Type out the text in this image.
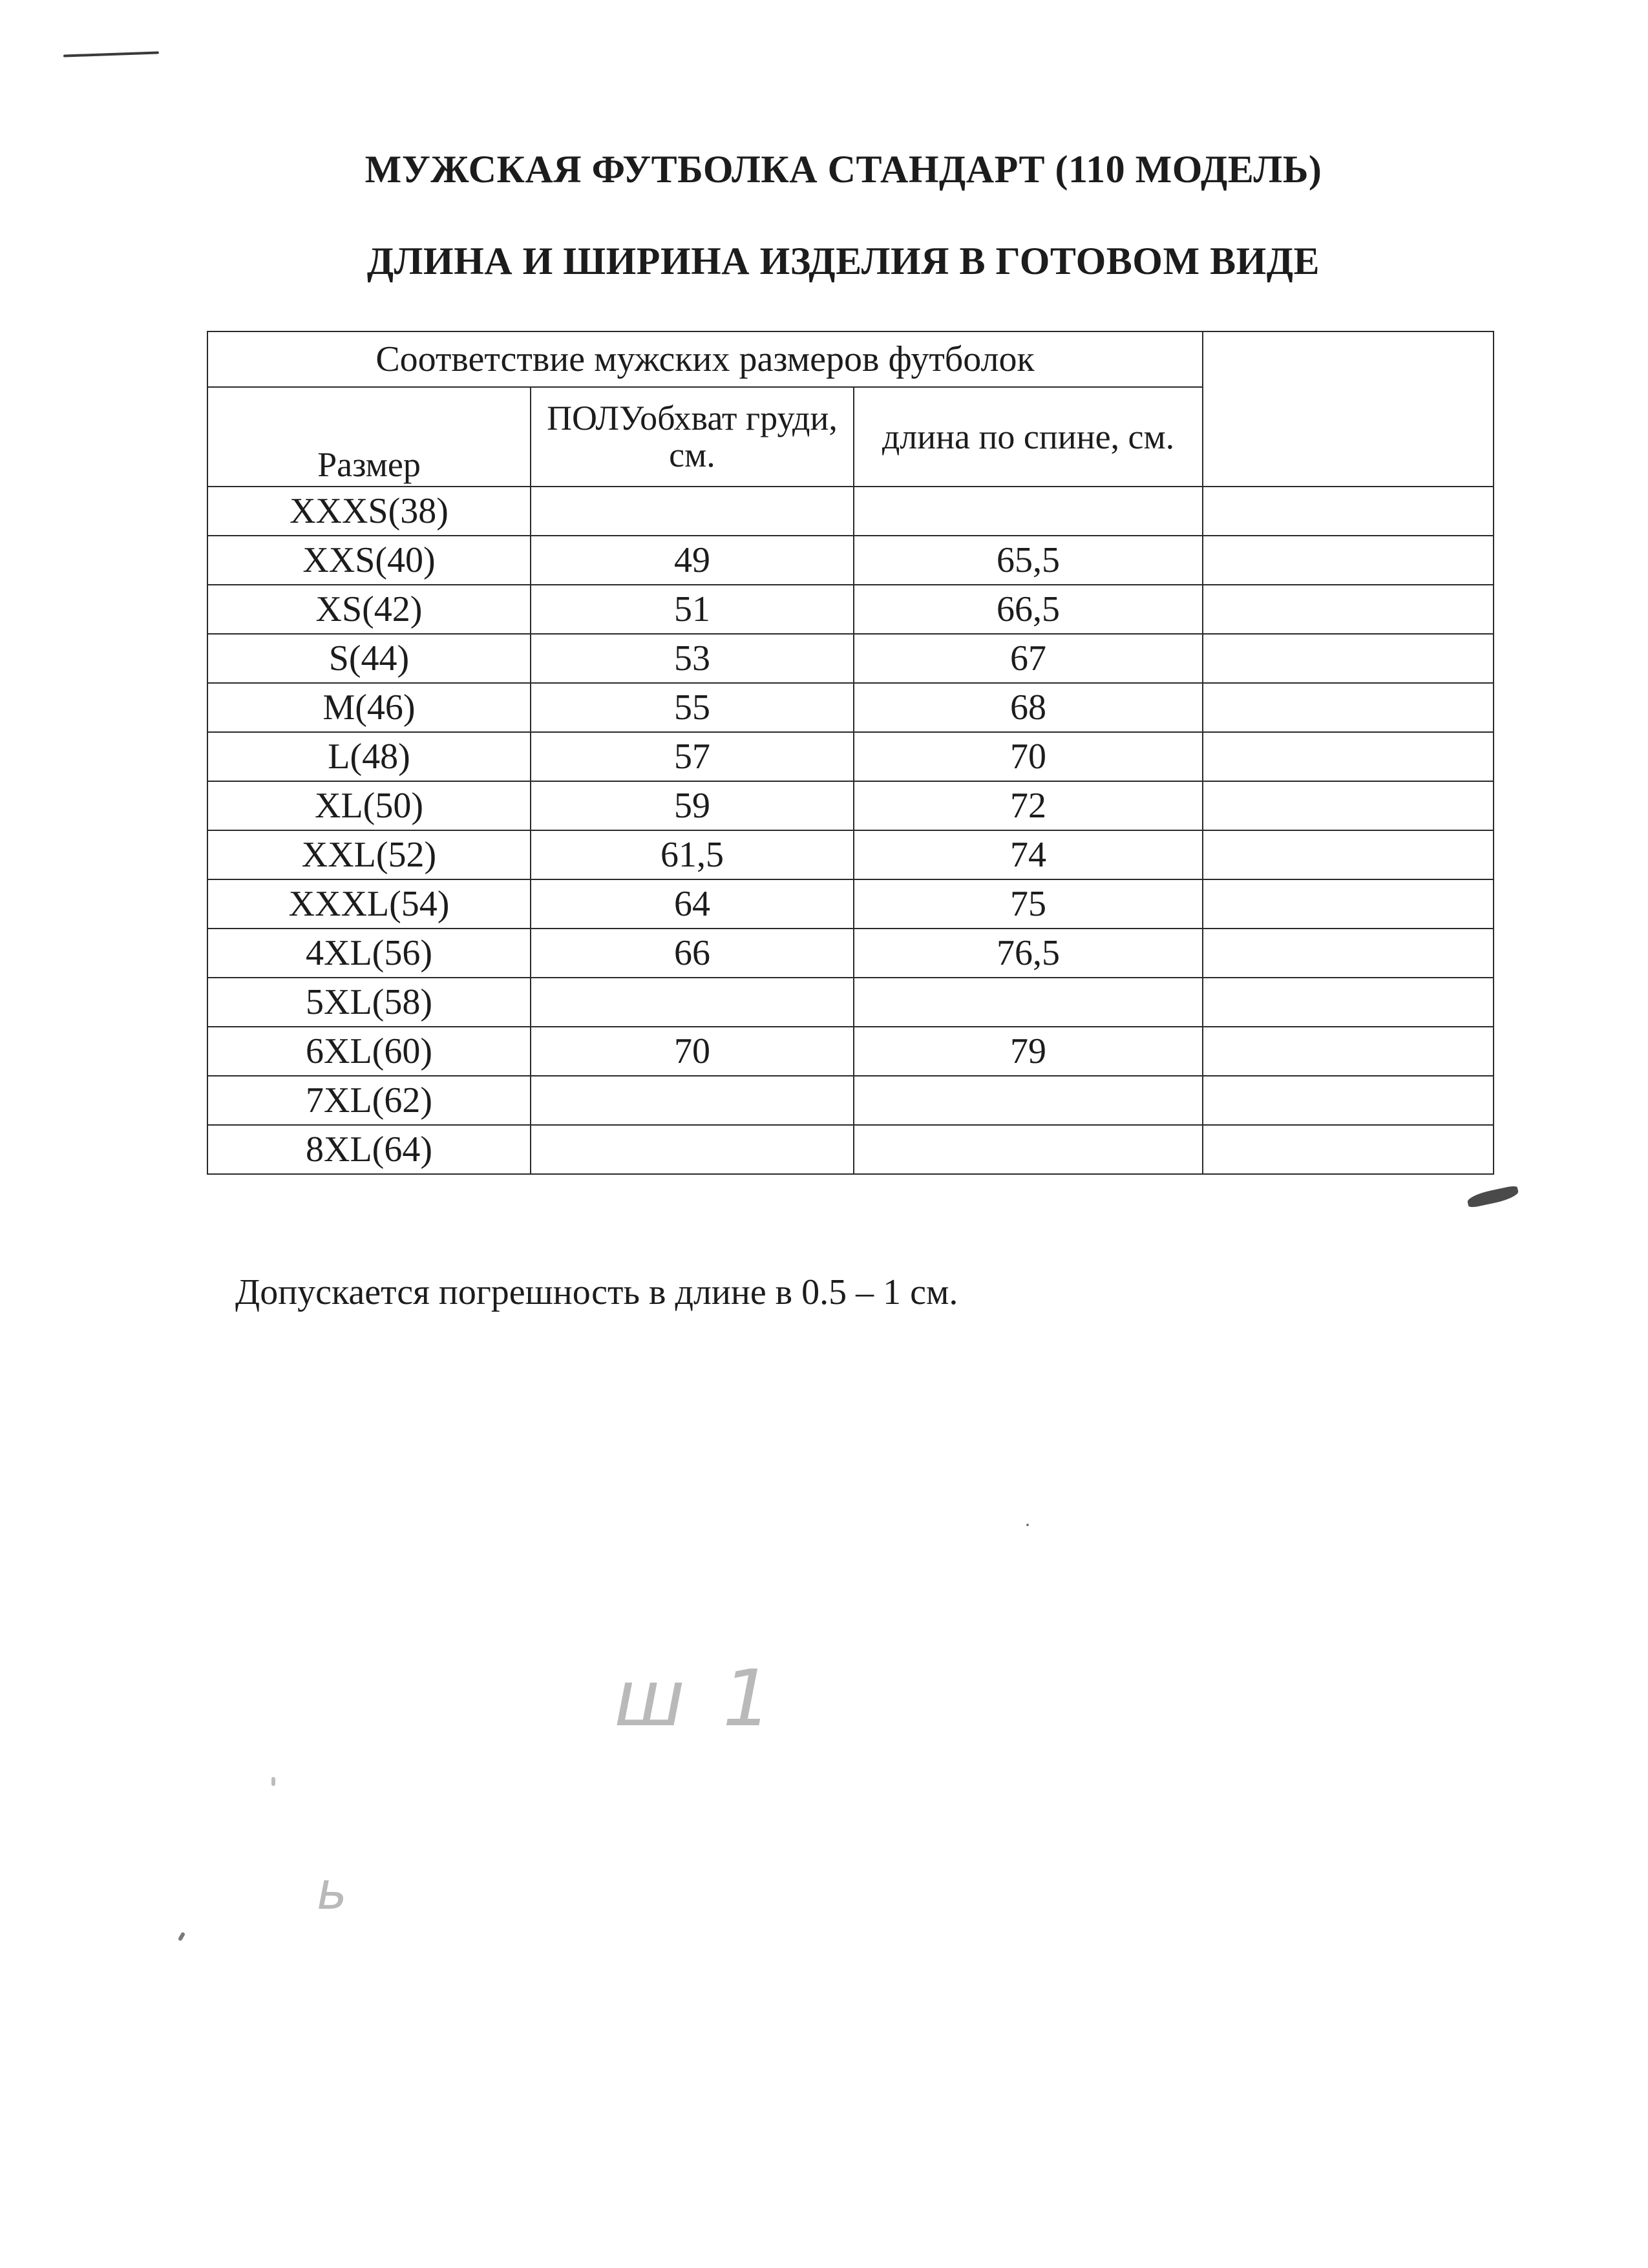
МУЖСКАЯ ФУТБОЛКА СТАНДАРТ (110 МОДЕЛЬ)
ДЛИНА И ШИРИНА ИЗДЕЛИЯ В ГОТОВОМ ВИДЕ
Соответствие мужских размеров футболок			
Размер	ПОЛУобхват груди, см.	длина по спине, см.	
XXXS(38)			
XXS(40)	49	65,5	
XS(42)	51	66,5	
S(44)	53	67	
M(46)	55	68	
L(48)	57	70	
XL(50)	59	72	
XXL(52)	61,5	74	
XXXL(54)	64	75	
4XL(56)	66	76,5	
5XL(58)			
6XL(60)	70	79	
7XL(62)			
8XL(64)			

Допускается погрешность в длине в 0.5 – 1 см.

ш 1
ь
